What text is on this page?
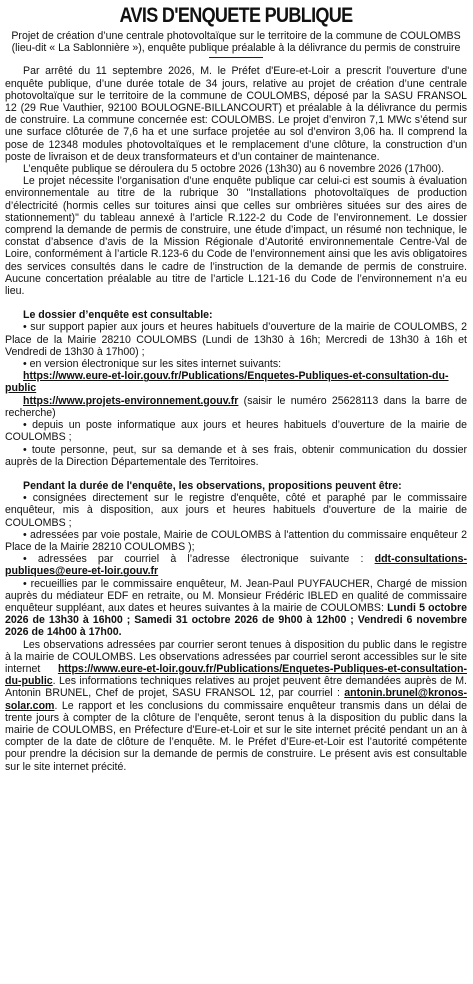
AVIS D'ENQUETE PUBLIQUE
Projet de création d’une centrale photovoltaïque sur le territoire de la commune de COULOMBS (lieu-dit « La Sablonnière »), enquête publique préalable à la délivrance du permis de construire

Par arrêté du 11 septembre 2026, M. le Préfet d'Eure-et-Loir a prescrit l'ouverture d'une enquête publique, d’une durée totale de 34 jours, relative au projet de création d’une centrale photovoltaïque sur le territoire de la commune de COULOMBS, déposé par la SASU FRANSOL 12 (29 Rue Vauthier, 92100 BOULOGNE-BILLANCOURT) et préalable à la délivrance du permis de construire. La commune concernée est: COULOMBS. Le projet d’environ 7,1 MWc s’étend sur une surface clôturée de 7,6 ha et une surface projetée au sol d’environ 3,06 ha. Il comprend la pose de 12348 modules photovoltaïques et le remplacement d’une clôture, la construction d’un poste de livraison et de deux transformateurs et d’un container de maintenance.

L’enquête publique se déroulera du 5 octobre 2026 (13h30) au 6 novembre 2026 (17h00).

Le projet nécessite l’organisation d’une enquête publique car celui-ci est soumis à évaluation environnementale au titre de la rubrique 30 "Installations photovoltaïques de production d’électricité (hormis celles sur toitures ainsi que celles sur ombrières situées sur des aires de stationnement)" du tableau annexé à l’article R.122-2 du Code de l’environnement. Le dossier comprend la demande de permis de construire, une étude d’impact, un résumé non technique, le constat d’absence d’avis de la Mission Régionale d’Autorité environnementale Centre-Val de Loire, conformément à l’article R.123-6 du Code de l’environnement ainsi que les avis obligatoires des services consultés dans le cadre de l’instruction de la demande de permis de construire. Aucune concertation préalable au titre de l’article L.121-16 du Code de l’environnement n’a eu lieu.

Le dossier d’enquête est consultable:

• sur support papier aux jours et heures habituels d’ouverture de la mairie de COULOMBS, 2 Place de la Mairie 28210 COULOMBS (Lundi de 13h30 à 16h; Mercredi de 13h30 à 16h et Vendredi de 13h30 à 17h00) ;

• en version électronique sur les sites internet suivants:

https://www.eure-et-loir.gouv.fr/Publications/Enquetes-Publiques-et-consultation-du-public

https://www.projets-environnement.gouv.fr (saisir le numéro 25628113 dans la barre de recherche)

• depuis un poste informatique aux jours et heures habituels d’ouverture de la mairie de COULOMBS ;

• toute personne, peut, sur sa demande et à ses frais, obtenir communication du dossier auprès de la Direction Départementale des Territoires.

Pendant la durée de l'enquête, les observations, propositions peuvent être:

• consignées directement sur le registre d'enquête, côté et paraphé par le commissaire enquêteur, mis à disposition, aux jours et heures habituels d'ouverture de la mairie de COULOMBS ;

• adressées par voie postale, Mairie de COULOMBS à l'attention du commissaire enquêteur 2 Place de la Mairie 28210 COULOMBS );

• adressées par courriel à l’adresse électronique suivante : ddt-consultations-publiques@eure-et-loir.gouv.fr

• recueillies par le commissaire enquêteur, M. Jean-Paul PUYFAUCHER, Chargé de mission auprès du médiateur EDF en retraite, ou M. Monsieur Frédéric IBLED en qualité de commissaire enquêteur suppléant, aux dates et heures suivantes à la mairie de COULOMBS: Lundi 5 octobre 2026 de 13h30 à 16h00 ; Samedi 31 octobre 2026 de 9h00 à 12h00 ; Vendredi 6 novembre 2026 de 14h00 à 17h00.

Les observations adressées par courrier seront tenues à disposition du public dans le registre à la mairie de COULOMBS. Les observations adressées par courriel seront accessibles sur le site internet https://www.eure-et-loir.gouv.fr/Publications/Enquetes-Publiques-et-consultation-du-public. Les informations techniques relatives au projet peuvent être demandées auprès de M. Antonin BRUNEL, Chef de projet, SASU FRANSOL 12, par courriel : antonin.brunel@kronos-solar.com. Le rapport et les conclusions du commissaire enquêteur transmis dans un délai de trente jours à compter de la clôture de l’enquête, seront tenus à la disposition du public dans la mairie de COULOMBS, en Préfecture d'Eure-et-Loir et sur le site internet précité pendant un an à compter de la date de clôture de l’enquête. M. le Préfet d’Eure-et-Loir est l’autorité compétente pour prendre la décision sur la demande de permis de construire. Le présent avis est consultable sur le site internet précité.
